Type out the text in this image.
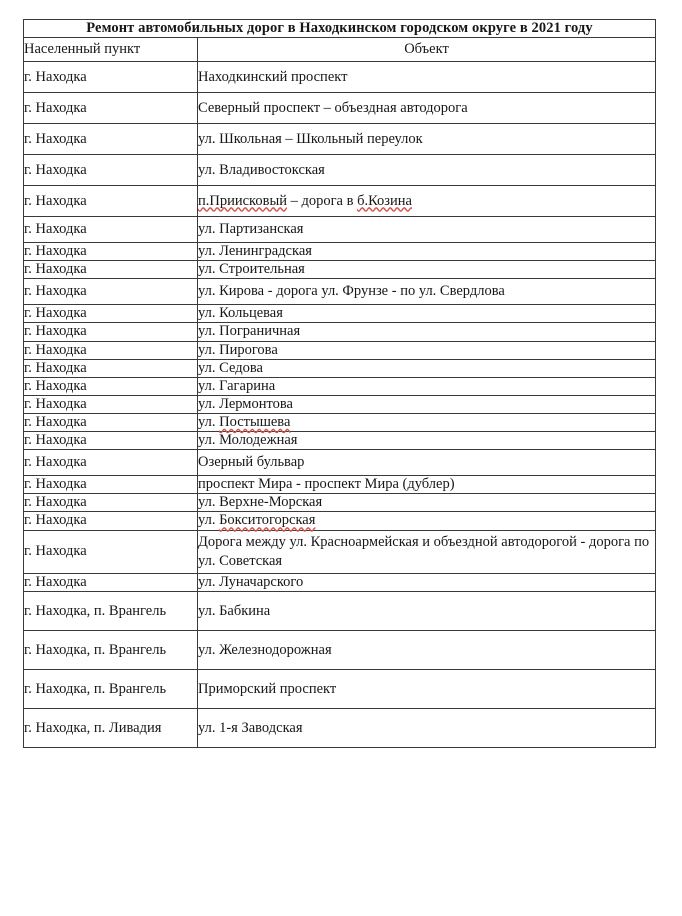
Ремонт автомобильных дорог в Находкинском городском округе в 2021 году	
Населенный пункт	Объект
г. Находка	Находкинский проспект
г. Находка	Северный проспект – объездная автодорога
г. Находка	ул. Школьная – Школьный переулок
г. Находка	ул. Владивостокская
г. Находка	п.Приисковый – дорога в б.Козина
г. Находка	ул. Партизанская
г. Находка	ул. Ленинградская
г. Находка	ул. Строительная
г. Находка	ул. Кирова - дорога ул. Фрунзе - по ул. Свердлова
г. Находка	ул. Кольцевая
г. Находка	ул. Пограничная
г. Находка	ул. Пирогова
г. Находка	ул. Седова
г. Находка	ул. Гагарина
г. Находка	ул. Лермонтова
г. Находка	ул. Постышева
г. Находка	ул. Молодежная
г. Находка	Озерный бульвар
г. Находка	проспект Мира - проспект Мира (дублер)
г. Находка	ул. Верхне-Морская
г. Находка	ул. Бокситогорская
г. Находка	Дорога между ул. Красноармейская и объездной автодорогой - дорога по ул. Советская
г. Находка	ул. Луначарского
г. Находка, п. Врангель	ул. Бабкина
г. Находка, п. Врангель	ул. Железнодорожная
г. Находка, п. Врангель	Приморский проспект
г. Находка, п. Ливадия	ул. 1-я Заводская
